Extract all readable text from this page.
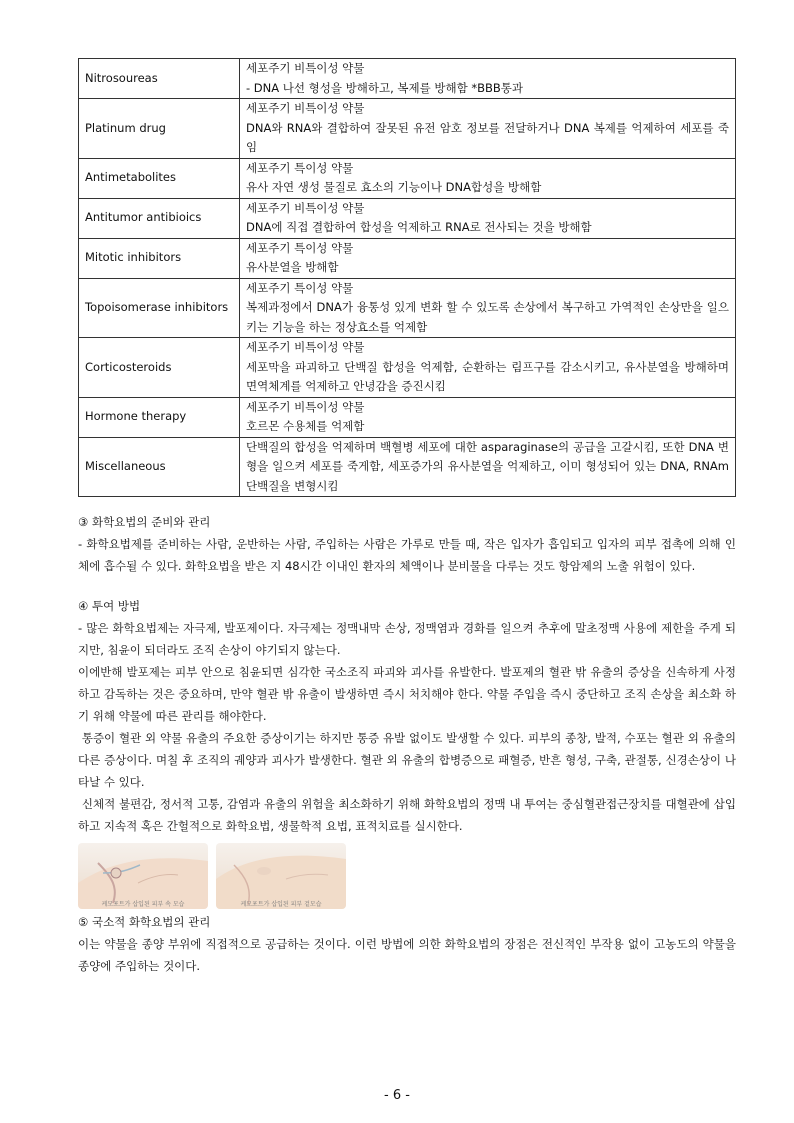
Nitrosoureas	세포주기 비특이성 약물
- DNA 나선 형성을 방해하고, 복제를 방해함 *BBB통과

Platinum drug	세포주기 비특이성 약물
DNA와 RNA와 결합하여 잘못된 유전 암호 정보를 전달하거나 DNA 복제를 억제하여 세포를 죽임

Antimetabolites	세포주기 특이성 약물
유사 자연 생성 물질로 효소의 기능이나 DNA합성을 방해함

Antitumor antibioics	세포주기 비특이성 약물
DNA에 직접 결합하여 합성을 억제하고 RNA로 전사되는 것을 방해함

Mitotic inhibitors	세포주기 특이성 약물
유사분열을 방해함

Topoisomerase inhibitors	세포주기 특이성 약물
복제과정에서 DNA가 융통성 있게 변화 할 수 있도록 손상에서 복구하고 가역적인 손상만을 일으키는 기능을 하는 정상효소를 억제함

Corticosteroids	세포주기 비특이성 약물
세포막을 파괴하고 단백질 합성을 억제함, 순환하는 림프구를 감소시키고, 유사분열을 방해하며 면역체계를 억제하고 안녕감을 증진시킴

Hormone therapy	세포주기 비특이성 약물
호르몬 수용체를 억제함

Miscellaneous	단백질의 합성을 억제하며 백혈병 세포에 대한 asparaginase의 공급을 고갈시킴, 또한 DNA 변형을 일으켜 세포를 죽게함, 세포증가의 유사분열을 억제하고, 이미 형성되어 있는 DNA, RNAm 단백질을 변형시킴

③ 화학요법의 준비와 관리

- 화학요법제를 준비하는 사람, 운반하는 사람, 주입하는 사람은 가루로 만들 때, 작은 입자가 흡입되고 입자의 피부 접촉에 의해 인체에 흡수될 수 있다. 화학요법을 받은 지 48시간 이내인 환자의 체액이나 분비물을 다루는 것도 항암제의 노출 위험이 있다.

④ 투여 방법

- 많은 화학요법제는 자극제, 발포제이다. 자극제는 정맥내막 손상, 정맥염과 경화를 일으켜 추후에 말초정맥 사용에 제한을 주게 되지만, 침윤이 되더라도 조직 손상이 야기되지 않는다.

이에반해 발포제는 피부 안으로 침윤되면 심각한 국소조직 파괴와 괴사를 유발한다. 발포제의 혈관 밖 유출의 증상을 신속하게 사정하고 감독하는 것은 중요하며, 만약 혈관 밖 유출이 발생하면 즉시 처치해야 한다. 약물 주입을 즉시 중단하고 조직 손상을 최소화 하기 위해 약물에 따른 관리를 해야한다.

통증이 혈관 외 약물 유출의 주요한 증상이기는 하지만 통증 유발 없이도 발생할 수 있다. 피부의 종창, 발적, 수포는 혈관 외 유출의 다른 증상이다. 며칠 후 조직의 궤양과 괴사가 발생한다. 혈관 외 유출의 합병증으로 패혈증, 반흔 형성, 구축, 관절통, 신경손상이 나타날 수 있다.

신체적 불편감, 정서적 고통, 감염과 유출의 위험을 최소화하기 위해 화학요법의 정맥 내 투여는 중심혈관접근장치를 대혈관에 삽입하고 지속적 혹은 간헐적으로 화학요법, 생물학적 요법, 표적치료를 실시한다.

케모포트가 삽입된 피부 속 모습	케모포트가 삽입된 피부 겉모습

⑤ 국소적 화학요법의 관리

이는 약물을 종양 부위에 직접적으로 공급하는 것이다. 이런 방법에 의한 화학요법의 장점은 전신적인 부작용 없이 고농도의 약물을 종양에 주입하는 것이다.

- 6 -
